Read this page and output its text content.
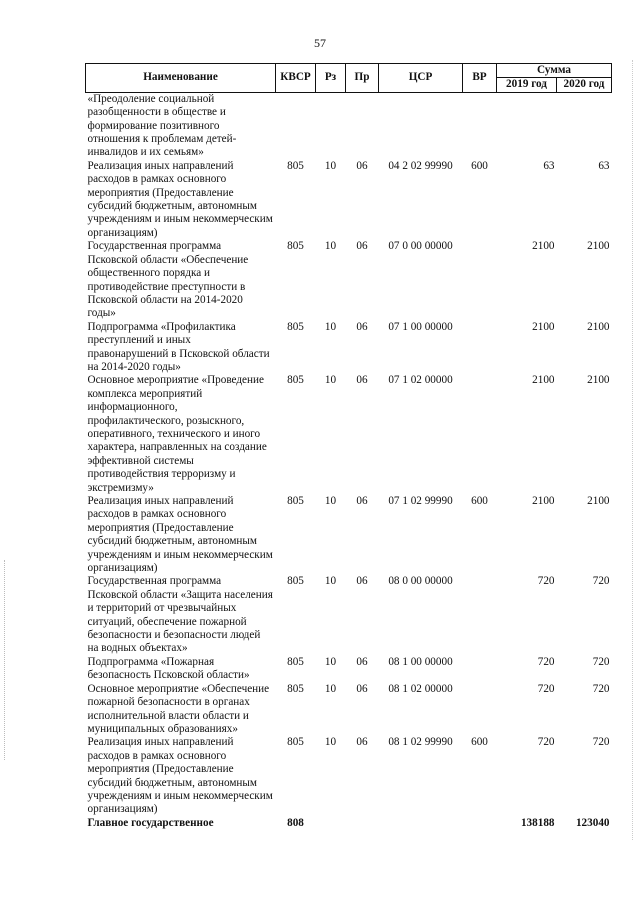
57
Наименование	КВСР	Рз	Пр	ЦСР	ВР	Сумма	
						2019 год	2020 год
«Преодоление социальной разобщенности в обществе и формирование позитивного отношения к проблемам детей-инвалидов и их семьям»							
Реализация иных направлений расходов в рамках основного мероприятия (Предоставление субсидий бюджетным, автономным учреждениям и иным некоммерческим организациям)	805	10	06	04 2 02 99990	600	63	63
Государственная программа Псковской области «Обеспечение общественного порядка и противодействие преступности в Псковской области на 2014-2020 годы»	805	10	06	07 0 00 00000		2100	2100
Подпрограмма «Профилактика преступлений и иных правонарушений в Псковской области на 2014-2020 годы»	805	10	06	07 1 00 00000		2100	2100
Основное мероприятие «Проведение комплекса мероприятий информационного, профилактического, розыскного, оперативного, технического и иного характера, направленных на создание эффективной системы противодействия терроризму и экстремизму»	805	10	06	07 1 02 00000		2100	2100
Реализация иных направлений расходов в рамках основного мероприятия (Предоставление субсидий бюджетным, автономным учреждениям и иным некоммерческим организациям)	805	10	06	07 1 02 99990	600	2100	2100
Государственная программа Псковской области «Защита населения и территорий от чрезвычайных ситуаций, обеспечение пожарной безопасности и безопасности людей на водных объектах»	805	10	06	08 0 00 00000		720	720
Подпрограмма «Пожарная безопасность Псковской области»	805	10	06	08 1 00 00000		720	720
Основное мероприятие «Обеспечение пожарной безопасности в органах исполнительной власти области и муниципальных образованиях»	805	10	06	08 1 02 00000		720	720
Реализация иных направлений расходов в рамках основного мероприятия (Предоставление субсидий бюджетным, автономным учреждениям и иным некоммерческим организациям)	805	10	06	08 1 02 99990	600	720	720
Главное государственное	808					138188	123040
